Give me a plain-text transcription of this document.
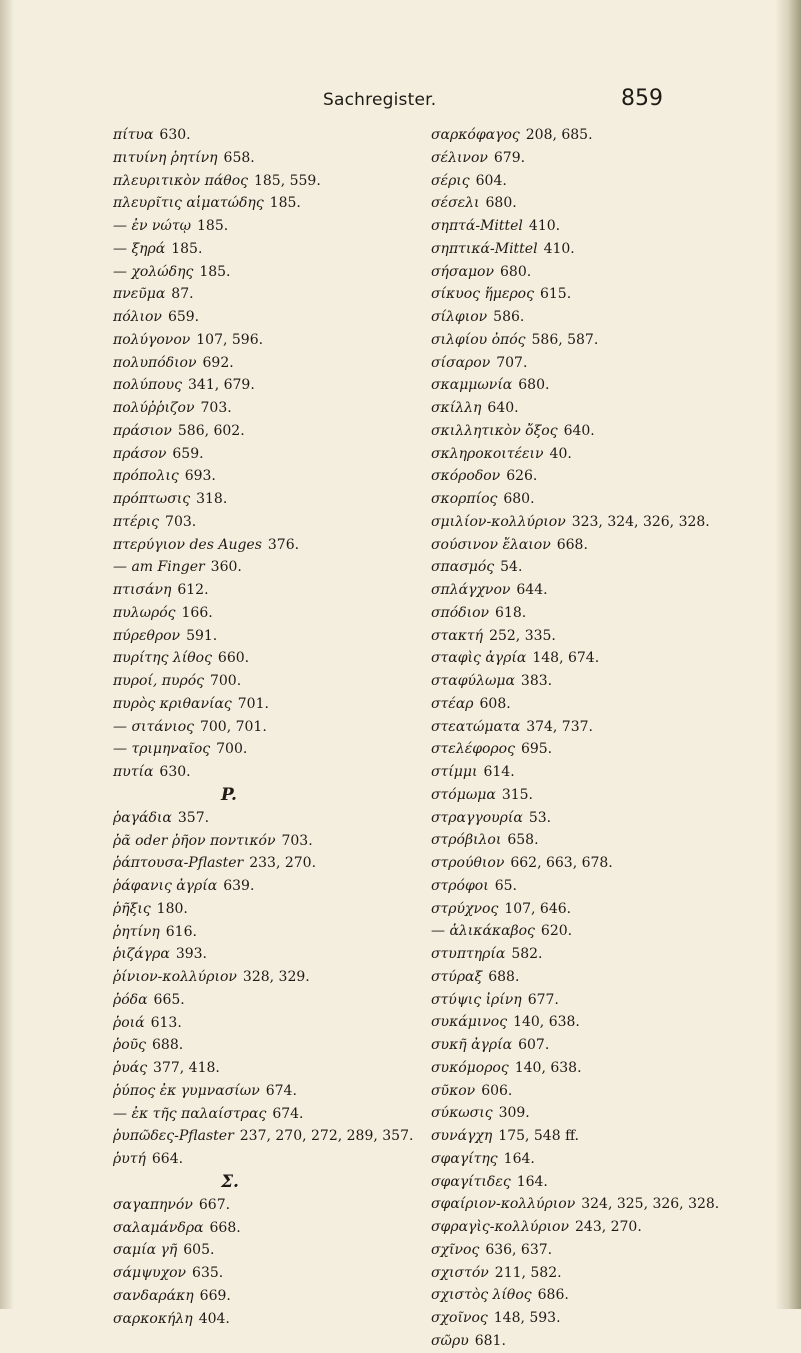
Sachregister.	859
πίτυα 630.
πιτυίνη ῥητίνη 658.
πλευριτικὸν πάθος 185, 559.
πλευρῖτις αἱματώδης 185.
— ἐν νώτῳ 185.
— ξηρά 185.
— χολώδης 185.
πνεῦμα 87.
πόλιον 659.
πολύγονον 107, 596.
πολυπόδιον 692.
πολύπους 341, 679.
πολύῤῥιζον 703.
πράσιον 586, 602.
πράσον 659.
πρόπολις 693.
πρόπτωσις 318.
πτέρις 703.
πτερύγιον des Auges 376.
— am Finger 360.
πτισάνη 612.
πυλωρός 166.
πύρεθρον 591.
πυρίτης λίθος 660.
πυροί, πυρός 700.
πυρὸς κριθανίας 701.
— σιτάνιος 700, 701.
— τριμηναῖος 700.
πυτία 630.
P.
ῥαγάδια 357.
ῥᾶ oder ῥῆον ποντικόν 703.
ῥάπτουσα-Pflaster 233, 270.
ῥάφανις ἀγρία 639.
ῥῆξις 180.
ῥητίνη 616.
ῥιζάγρα 393.
ῥίνιον-κολλύριον 328, 329.
ῥόδα 665.
ῥοιά 613.
ῥοῦς 688.
ῥυάς 377, 418.
ῥύπος ἐκ γυμνασίων 674.
— ἐκ τῆς παλαίστρας 674.
ῥυπῶδες-Pflaster 237, 270, 272, 289, 357.
ῥυτή 664.
Σ.
σαγαπηνόν 667.
σαλαμάνδρα 668.
σαμία γῆ 605.
σάμψυχον 635.
σανδαράκη 669.
σαρκοκήλη 404.
σαρκόφαγος 208, 685.
σέλινον 679.
σέρις 604.
σέσελι 680.
σηπτά-Mittel 410.
σηπτικά-Mittel 410.
σήσαμον 680.
σίκυος ἥμερος 615.
σίλφιον 586.
σιλφίου ὀπός 586, 587.
σίσαρον 707.
σκαμμωνία 680.
σκίλλη 640.
σκιλλητικὸν ὄξος 640.
σκληροκοιτέειν 40.
σκόροδον 626.
σκορπίος 680.
σμιλίον-κολλύριον 323, 324, 326, 328.
σούσινον ἔλαιον 668.
σπασμός 54.
σπλάγχνον 644.
σπόδιον 618.
στακτή 252, 335.
σταφὶς ἀγρία 148, 674.
σταφύλωμα 383.
στέαρ 608.
στεατώματα 374, 737.
στελέφορος 695.
στίμμι 614.
στόμωμα 315.
στραγγουρία 53.
στρόβιλοι 658.
στρούθιον 662, 663, 678.
στρόφοι 65.
στρύχνος 107, 646.
— ἁλικάκαβος 620.
στυπτηρία 582.
στύραξ 688.
στύψις ἰρίνη 677.
συκάμινος 140, 638.
συκῆ ἀγρία 607.
συκόμορος 140, 638.
σῦκον 606.
σύκωσις 309.
συνάγχη 175, 548 ff.
σφαγίτης 164.
σφαγίτιδες 164.
σφαίριον-κολλύριον 324, 325, 326, 328.
σφραγὶς-κολλύριον 243, 270.
σχῖνος 636, 637.
σχιστόν 211, 582.
σχιστὸς λίθος 686.
σχοῖνος 148, 593.
σῶρυ 681.
